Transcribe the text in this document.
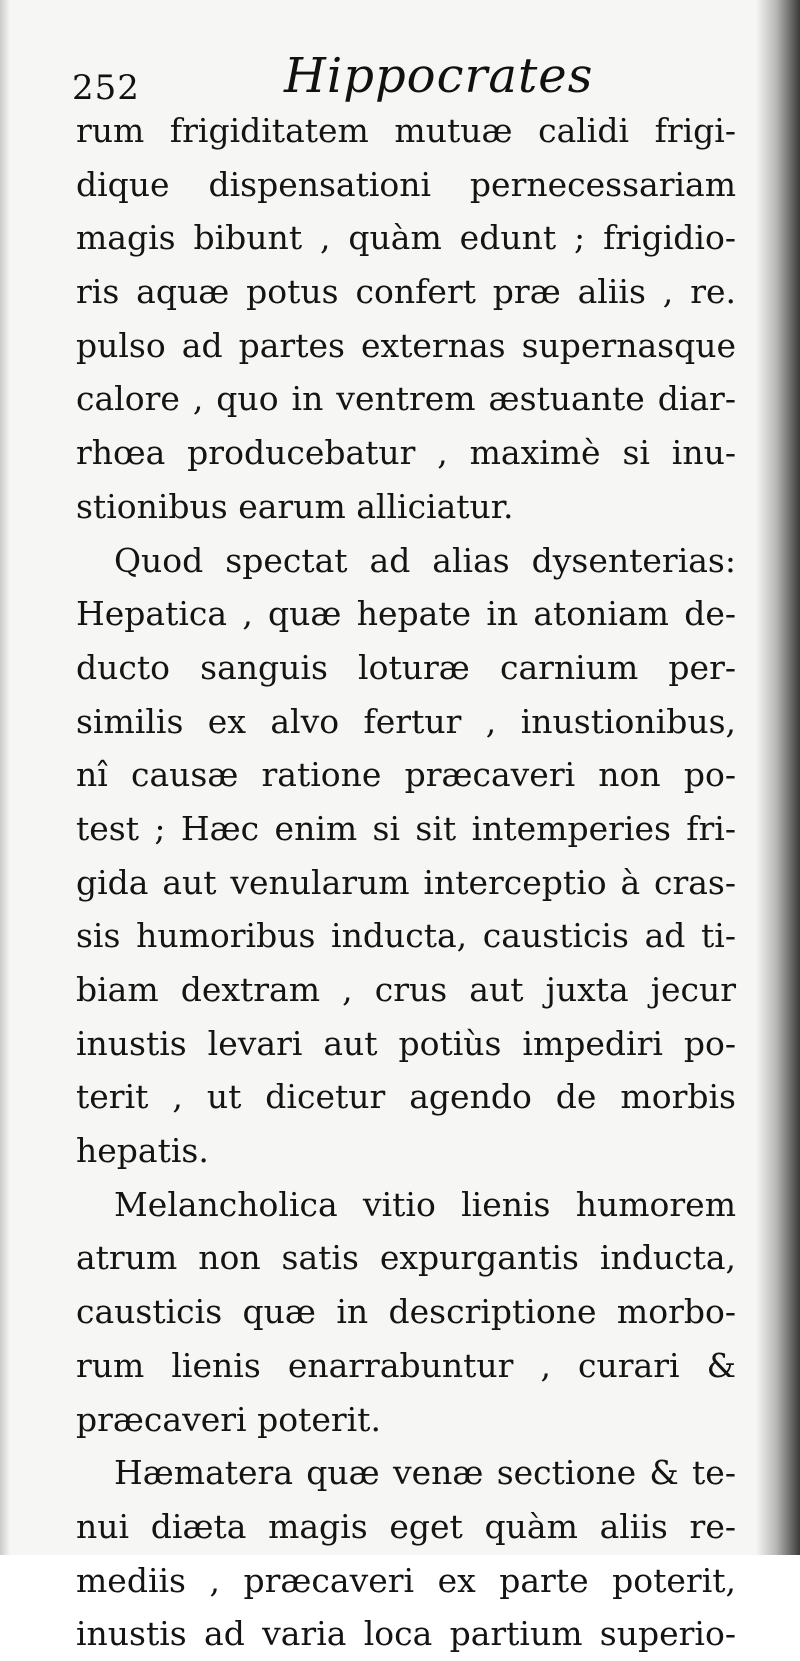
252	Hippocrates
rum frigiditatem mutuæ calidi frigi-
dique dispensationi pernecessariam
magis bibunt , quàm edunt ; frigidio-
ris aquæ potus confert præ aliis , re.
pulso ad partes externas supernasque
calore , quo in ventrem æstuante diar-
rhœa producebatur , maximè si inu-
stionibus earum alliciatur.
Quod spectat ad alias dysenterias:
Hepatica , quæ hepate in atoniam de-
ducto sanguis loturæ carnium per-
similis ex alvo fertur , inustionibus,
nî causæ ratione præcaveri non po-
test ; Hæc enim si sit intemperies fri-
gida aut venularum interceptio à cras-
sis humoribus inducta, causticis ad ti-
biam dextram , crus aut juxta jecur
inustis levari aut potiùs impediri po-
terit , ut dicetur agendo de morbis
hepatis.
Melancholica vitio lienis humorem
atrum non satis expurgantis inducta,
causticis quæ in descriptione morbo-
rum lienis enarrabuntur , curari &
præcaveri poterit.
Hæmatera quæ venæ sectione & te-
nui diæta magis eget quàm aliis re-
mediis , præcaveri ex parte poterit,
inustis ad varia loca partium superio-
